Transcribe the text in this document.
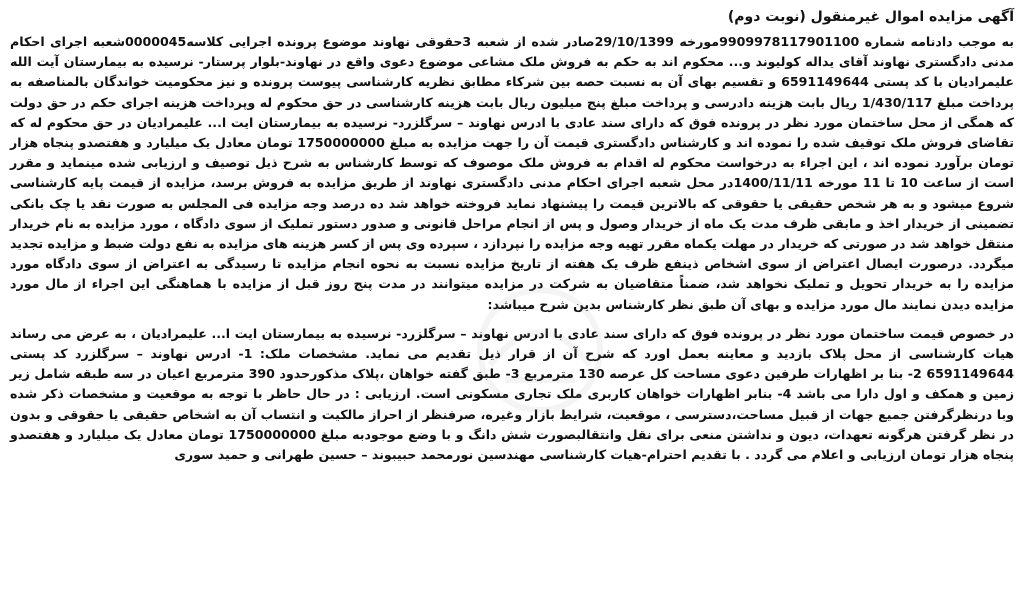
آگهی مزایده اموال غیرمنقول (نوبت دوم)

به موجب دادنامه شماره 9909978117901100مورخه 29/10/1399صادر شده از شعبه 3حقوقی نهاوند موضوع پرونده اجرایی کلاسه0000045شعبه اجرای احکام مدنی دادگستری نهاوند آقای یداله کولیوند و... محکوم اند به حکم به فروش ملک مشاعی موضوع دعوی واقع در نهاوند-بلوار پرستار- نرسیده به بیمارستان آیت الله علیمرادیان با کد پستی 6591149644 و تقسیم بهای آن به نسبت حصه بین شرکاء مطابق نظریه کارشناسی پیوست پرونده و نیز محکومیت خواندگان بالمناصفه به پرداخت مبلغ 1/430/117 ریال بابت هزینه دادرسی و پرداخت مبلغ پنج میلیون ریال بابت هزینه کارشناسی در حق محکوم له وپرداخت هزینه اجرای حکم در حق دولت که همگی از محل ساختمان مورد نظر در پرونده فوق که دارای سند عادی با ادرس نهاوند – سرگلزرد- نرسیده به بیمارستان ایت ا... علیمرادیان در حق محکوم له که تقاضای فروش ملک توقیف شده را نموده اند و کارشناس دادگستری قیمت آن را جهت مزایده به مبلغ 1750000000 تومان معادل یک میلیارد و هفتصدو پنجاه هزار تومان برآورد نموده اند ، این اجراء به درخواست محکوم له اقدام به فروش ملک موصوف که توسط کارشناس به شرح ذیل توصیف و ارزیابی شده مینماید و مقرر است از ساعت 10 تا 11 مورخه 1400/11/11در محل شعبه اجرای احکام مدنی دادگستری نهاوند از طریق مزایده به فروش برسد، مزایده از قیمت پایه کارشناسی شروع میشود و به هر شخص حقیقی یا حقوقی که بالاترین قیمت را پیشنهاد نماید فروخته خواهد شد ده درصد وجه مزایده فی المجلس به صورت نقد یا چک بانکی تضمینی از خریدار اخذ و مابقی ظرف مدت یک ماه از خریدار وصول و پس از انجام مراحل قانونی و صدور دستور تملیک از سوی دادگاه ، مورد مزایده به نام خریدار منتقل خواهد شد در صورتی که خریدار در مهلت یکماه مقرر تهیه وجه مزایده را نپردازد ، سپرده وی پس از کسر هزینه های مزایده به نفع دولت ضبط و مزایده تجدید میگردد. درصورت ایصال اعتراض از سوی اشخاص ذینفع ظرف یک هفته از تاریخ مزایده نسبت به نحوه انجام مزایده تا رسیدگی به اعتراض از سوی دادگاه مورد مزایده را به خریدار تحویل و تملیک نخواهد شد، ضمناً متقاضیان به شرکت در مزایده میتوانند در مدت پنج روز قبل از مزایده با هماهنگی این اجراء از مال مورد مزایده دیدن نمایند مال مورد مزایده و بهای آن طبق نظر کارشناس بدین شرح میباشد:

در خصوص قیمت ساختمان مورد نظر در پرونده فوق که دارای سند عادی با ادرس نهاوند – سرگلزرد- نرسیده به بیمارستان ایت ا... علیمرادیان ، به عرض می رساند هیات کارشناسی از محل پلاک بازدید و معاینه بعمل اورد که شرح آن از قرار ذیل تقدیم می نماید. مشخصات ملک: 1- ادرس نهاوند – سرگلزرد کد پستی 6591149644 2- بنا بر اظهارات طرفین دعوی مساحت کل عرصه 130 مترمربع 3- طبق گفته خواهان ،پلاک مذکورحدود 390 مترمربع اعیان در سه طبقه شامل زیر زمین و همکف و اول دارا می باشد 4- بنابر اظهارات خواهان کاربری ملک تجاری مسکونی است. ارزیابی : در حال حاظر با توجه به موقعیت و مشخصات ذکر شده وبا درنظرگرفتن جمیع جهات از قبیل مساحت،دسترسی ، موقعیت، شرایط بازار وغیره، صرفنظر از احراز مالکیت و انتساب آن به اشخاص حقیقی یا حقوقی و بدون در نظر گرفتن هرگونه تعهدات، دیون و نداشتن منعی برای نقل وانتقالبصورت شش دانگ و با وضع موجودبه مبلغ 1750000000 تومان معادل یک میلیارد و هفتصدو پنجاه هزار تومان ارزیابی و اعلام می گردد . با تقدیم احترام-هیات کارشناسی مهندسین نورمحمد حبیبوند – حسین طهرانی و حمید سوری
